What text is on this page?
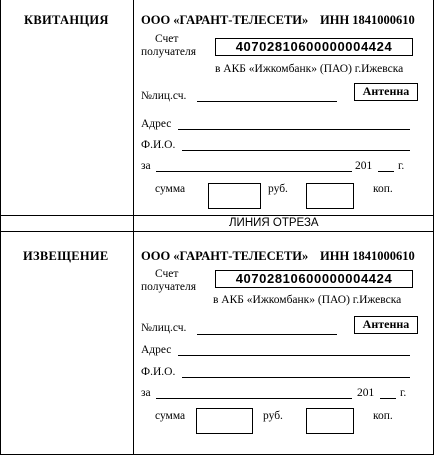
КВИТАНЦИЯ	ООО «ГАРАНТ-ТЕЛЕСЕТИ» ИНН 1841000610
Счет
получателя	40702810600000004424
в АКБ «Ижкомбанк» (ПАО) г.Ижевска
№лиц.сч.	Антенна
Адрес
Ф.И.О.
за	201 г.
сумма	руб.	коп.
ЛИНИЯ ОТРЕЗА
ИЗВЕЩЕНИЕ	ООО «ГАРАНТ-ТЕЛЕСЕТИ» ИНН 1841000610
Счет
получателя
40702810600000004424
в АКБ «Ижкомбанк» (ПАО) г.Ижевска
№лиц.сч.	Антенна
Адрес
Ф.И.О.
за	201 г.
сумма	руб.	коп.
